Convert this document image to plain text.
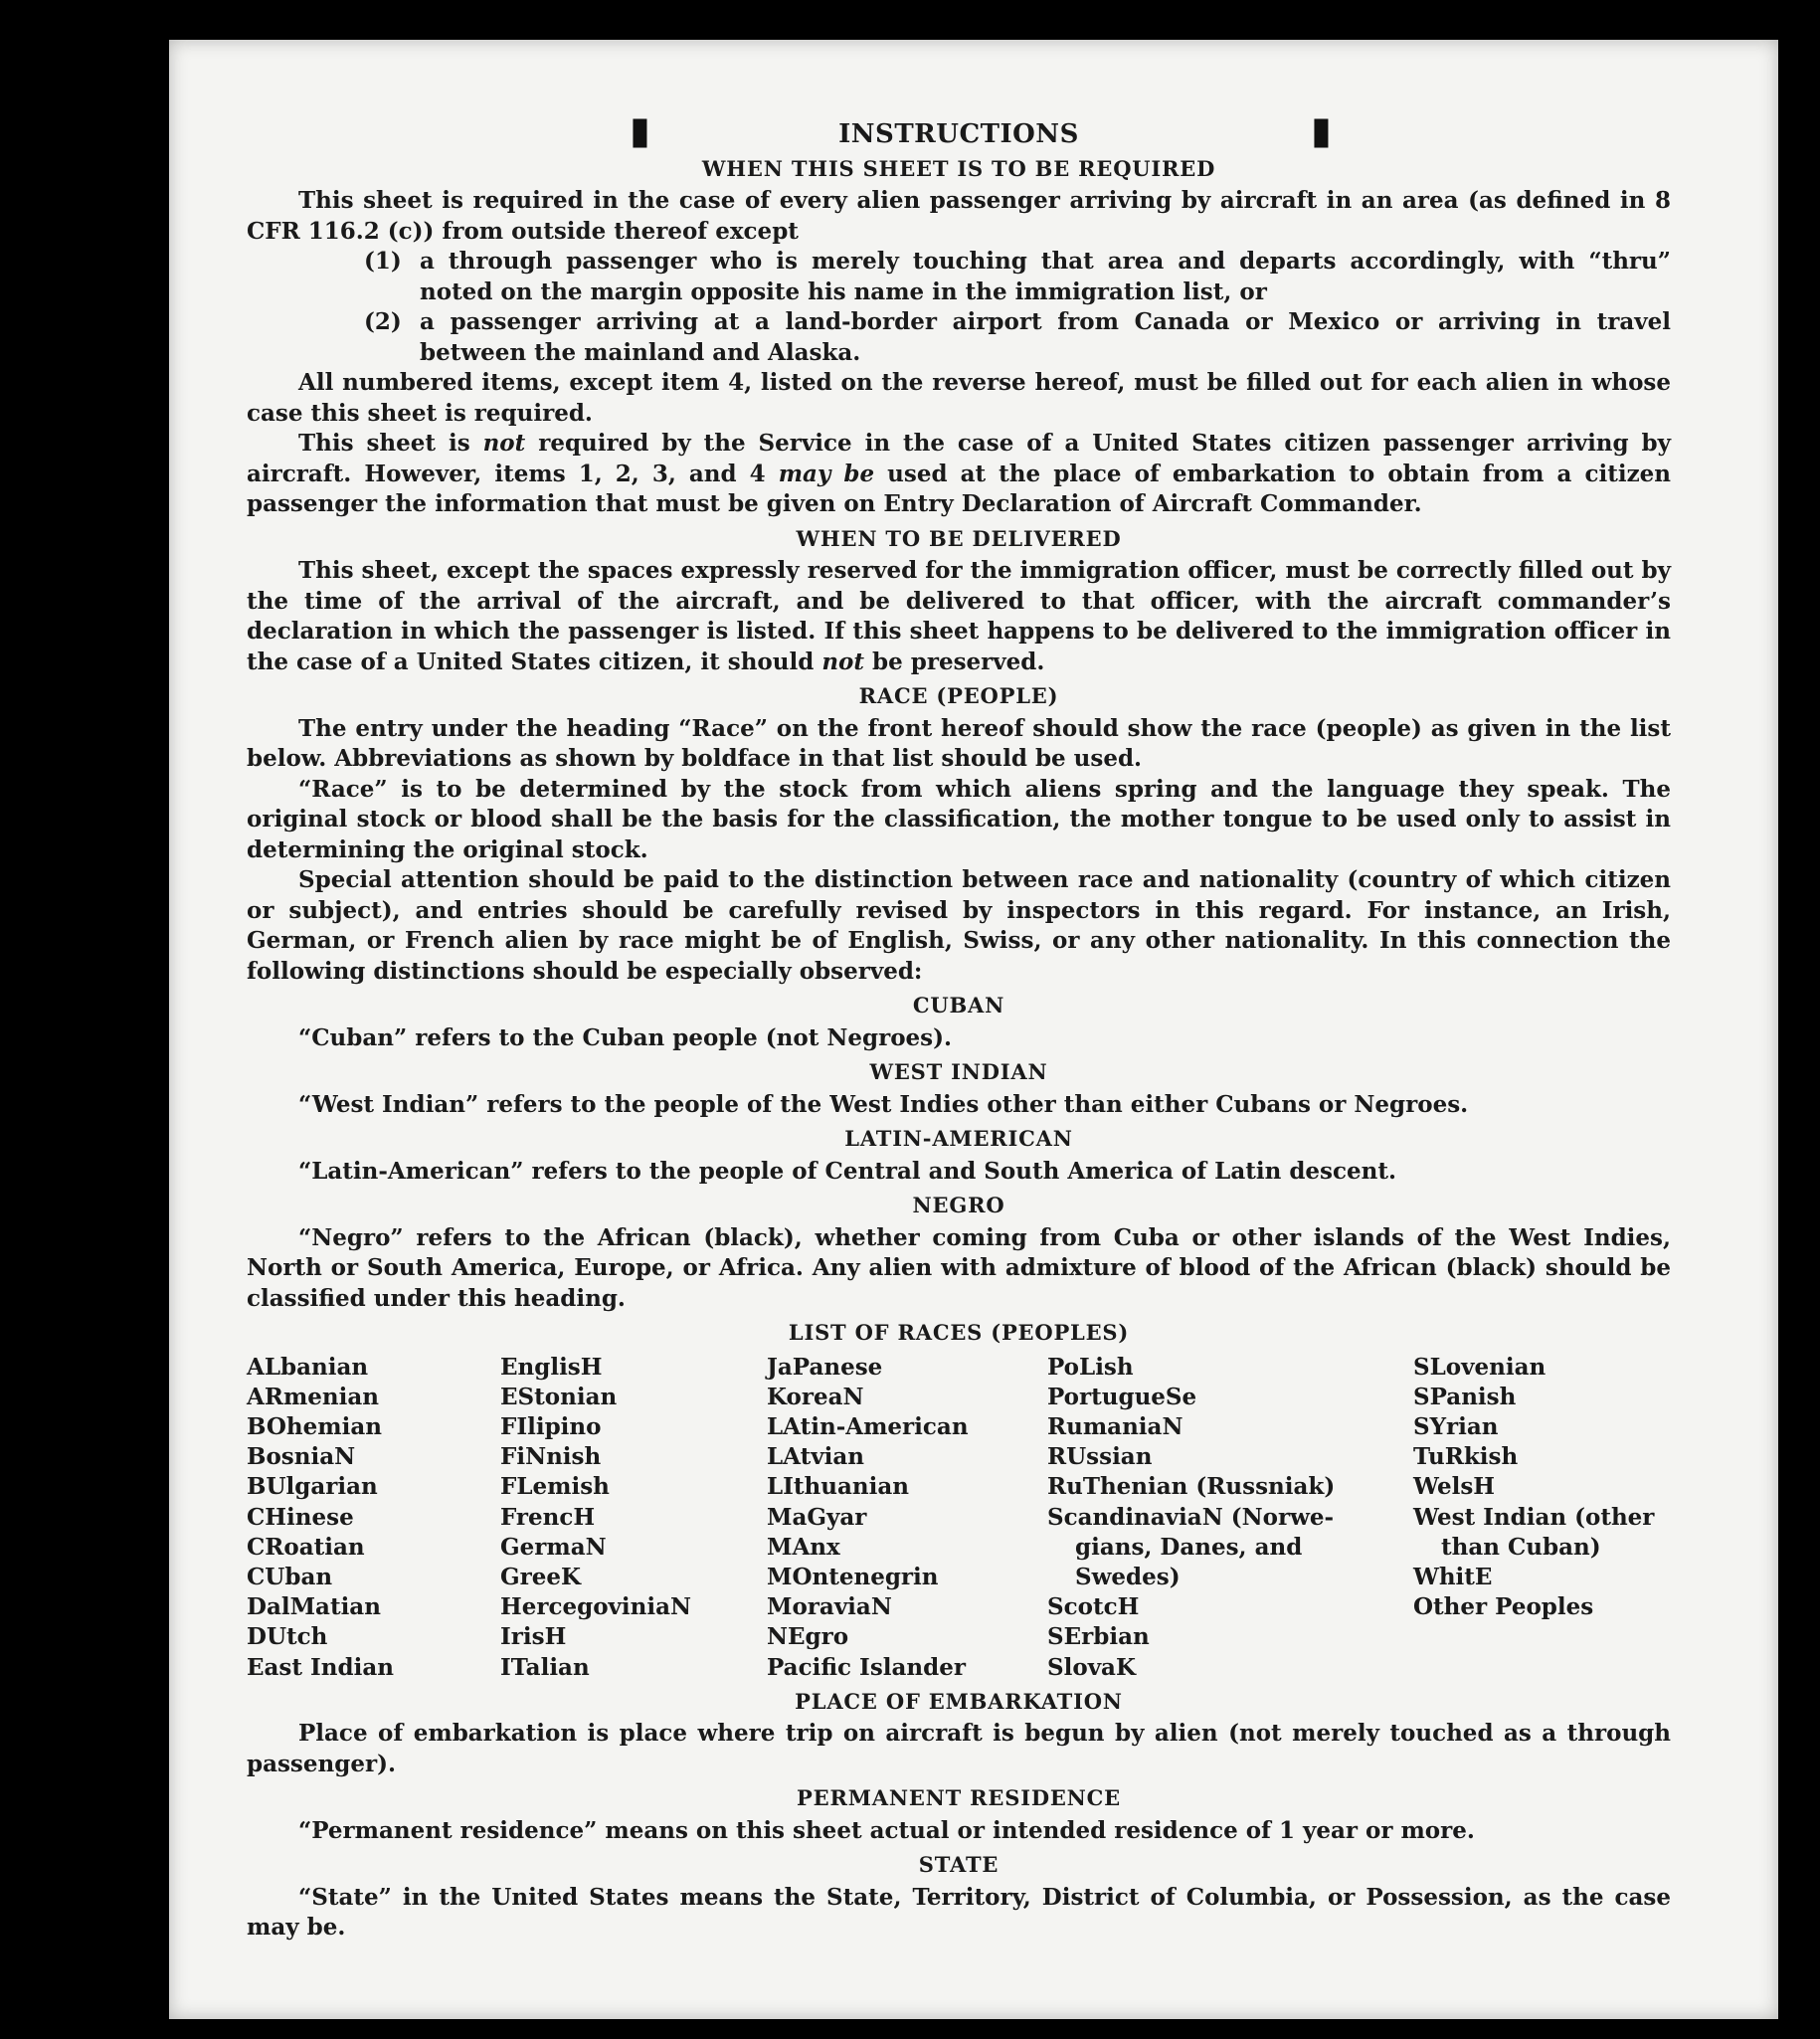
▮	▮
INSTRUCTIONS
WHEN THIS SHEET IS TO BE REQUIRED

This sheet is required in the case of every alien passenger arriving by aircraft in an area (as defined in 8 CFR 116.2 (c)) from outside thereof except

(1) a through passenger who is merely touching that area and departs accordingly, with “thru” noted on the margin opposite his name in the immigration list, or
(2) a passenger arriving at a land-border airport from Canada or Mexico or arriving in travel between the mainland and Alaska.

All numbered items, except item 4, listed on the reverse hereof, must be filled out for each alien in whose case this sheet is required.

This sheet is not required by the Service in the case of a United States citizen passenger arriving by aircraft. However, items 1, 2, 3, and 4 may be used at the place of embarkation to obtain from a citizen passenger the information that must be given on Entry Declaration of Aircraft Commander.

WHEN TO BE DELIVERED

This sheet, except the spaces expressly reserved for the immigration officer, must be correctly filled out by the time of the arrival of the aircraft, and be delivered to that officer, with the aircraft commander’s declaration in which the passenger is listed. If this sheet happens to be delivered to the immigration officer in the case of a United States citizen, it should not be preserved.

RACE (PEOPLE)

The entry under the heading “Race” on the front hereof should show the race (people) as given in the list below. Abbreviations as shown by boldface in that list should be used.

“Race” is to be determined by the stock from which aliens spring and the language they speak. The original stock or blood shall be the basis for the classification, the mother tongue to be used only to assist in determining the original stock.

Special attention should be paid to the distinction between race and nationality (country of which citizen or subject), and entries should be carefully revised by inspectors in this regard. For instance, an Irish, German, or French alien by race might be of English, Swiss, or any other nationality. In this connection the following distinctions should be especially observed:

CUBAN

“Cuban” refers to the Cuban people (not Negroes).

WEST INDIAN

“West Indian” refers to the people of the West Indies other than either Cubans or Negroes.

LATIN-AMERICAN

“Latin-American” refers to the people of Central and South America of Latin descent.

NEGRO

“Negro” refers to the African (black), whether coming from Cuba or other islands of the West Indies, North or South America, Europe, or Africa. Any alien with admixture of blood of the African (black) should be classified under this heading.

LIST OF RACES (PEOPLES)
ALbanian
ARmenian
BOhemian
BosniaN
BUlgarian
CHinese
CRoatian
CUban
DalMatian
DUtch
East Indian
EnglisH
EStonian
FIlipino
FiNnish
FLemish
FrencH
GermaN
GreeK
HercegoviniaN
IrisH
ITalian
JaPanese
KoreaN
LAtin-American
LAtvian
LIthuanian
MaGyar
MAnx
MOntenegrin
MoraviaN
NEgro
Pacific Islander
PoLish
PortugueSe
RumaniaN
RUssian
RuThenian (Russniak)
ScandinaviaN (Norwe-
gians, Danes, and
Swedes)
ScotcH
SErbian
SlovaK
SLovenian
SPanish
SYrian
TuRkish
WelsH
West Indian (other
than Cuban)
WhitE
Other Peoples
PLACE OF EMBARKATION

Place of embarkation is place where trip on aircraft is begun by alien (not merely touched as a through passenger).

PERMANENT RESIDENCE

“Permanent residence” means on this sheet actual or intended residence of 1 year or more.

STATE

“State” in the United States means the State, Territory, District of Columbia, or Possession, as the case may be.
